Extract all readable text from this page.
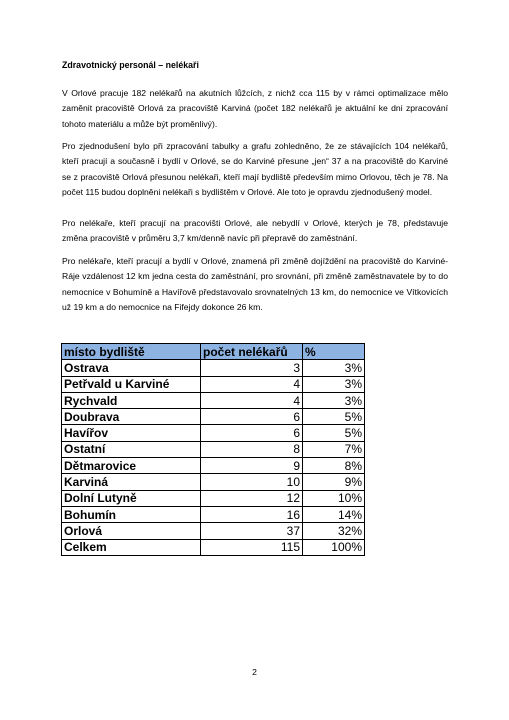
Zdravotnický personál – nelékaři
V Orlové pracuje 182 nelékařů na akutních lůžcích, z nichž cca 115 by v rámci optimalizace mělo zaměnit pracoviště Orlová za pracoviště Karviná (počet 182 nelékařů je aktuální ke dni zpracování tohoto materiálu a může být proměnlivý).
Pro zjednodušení bylo při zpracování tabulky a grafu zohledněno, že ze stávajících 104 nelékařů, kteří pracují a současně i bydlí v Orlové, se do Karviné přesune „jen“ 37 a na pracoviště do Karviné se z pracoviště Orlová přesunou nelékaři, kteří mají bydliště především mimo Orlovou, těch je 78. Na počet 115 budou doplněni nelékaři s bydlištěm v Orlové. Ale toto je opravdu zjednodušený model.
Pro nelékaře, kteří pracují na pracovišti Orlové, ale nebydlí v Orlové, kterých je 78, představuje změna pracoviště v průměru 3,7 km/denně navíc při přepravě do zaměstnání.
Pro nelékaře, kteří pracují a bydlí v Orlové, znamená při změně dojíždění na pracoviště do Karviné-Ráje vzdálenost 12 km jedna cesta do zaměstnání, pro srovnání, při změně zaměstnavatele by to do nemocnice v Bohumíně a Havířově představovalo srovnatelných 13 km, do nemocnice ve Vítkovicích už 19 km a do nemocnice na Fifejdy dokonce 26 km.
místo bydliště	počet nelékařů	%
Ostrava	3	3%
Petřvald u Karviné	4	3%
Rychvald	4	3%
Doubrava	6	5%
Havířov	6	5%
Ostatní	8	7%
Dětmarovice	9	8%
Karviná	10	9%
Dolní Lutyně	12	10%
Bohumín	16	14%
Orlová	37	32%
Celkem	115	100%
2
